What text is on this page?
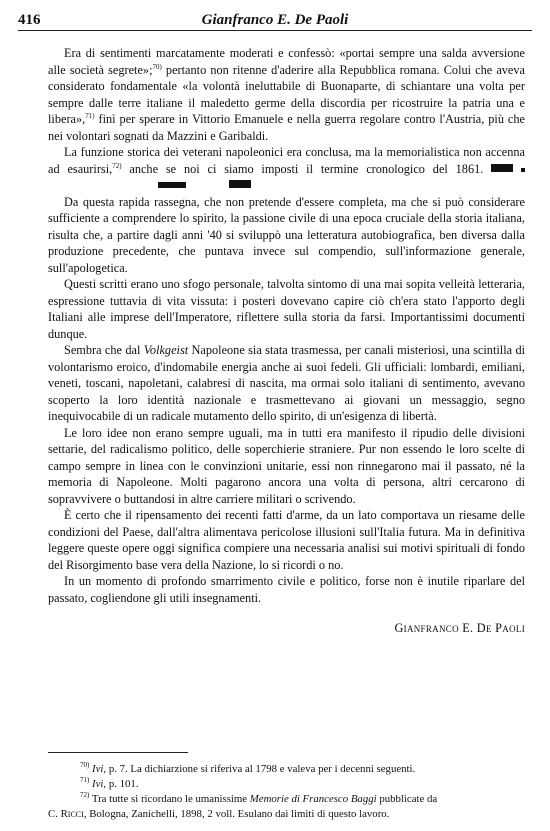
416	Gianfranco E. De Paoli

Era di sentimenti marcatamente moderati e confessò: «portai sempre una salda avversione alle società segrete»;$^{70)}$ pertanto non ritenne d'aderire alla Repubblica romana. Colui che aveva considerato fondamentale «la volontà ineluttabile di Buonaparte, di schiantare una volta per sempre dalle terre italiane il maledetto germe della discordia per ricostruire la patria una e libera»,$^{71)}$ finì per sperare in Vittorio Emanuele e nella guerra regolare contro l'Austria, più che nei volontari sognati da Mazzini e Garibaldi.

La funzione storica dei veterani napoleonici era conclusa, ma la memorialistica non accenna ad esaurirsi,$^{72)}$ anche se noi ci siamo imposti il termine cronologico del 1861.

Da questa rapida rassegna, che non pretende d'essere completa, ma che si può considerare sufficiente a comprendere lo spirito, la passione civile di una epoca cruciale della storia italiana, risulta che, a partire dagli anni '40 si sviluppò una letteratura autobiografica, ben diversa dalla produzione precedente, che puntava invece sul compendio, sull'informazione generale, sull'apologetica.

Questi scritti erano uno sfogo personale, talvolta sintomo di una mai sopita velleità letteraria, espressione tuttavia di vita vissuta: i posteri dovevano capire ciò ch'era stato l'apporto degli Italiani alle imprese dell'Imperatore, riflettere sulla storia da farsi. Importantissimi documenti dunque.

Sembra che dal Volkgeist Napoleone sia stata trasmessa, per canali misteriosi, una scintilla di volontarismo eroico, d'indomabile energia anche ai suoi fedeli. Gli ufficiali: lombardi, emiliani, veneti, toscani, napoletani, calabresi di nascita, ma ormai solo italiani di sentimento, avevano scoperto la loro identità nazionale e trasmettevano ai giovani un messaggio, segno inequivocabile di un radicale mutamento dello spirito, di un'esigenza di libertà.

Le loro idee non erano sempre uguali, ma in tutti era manifesto il ripudio delle divisioni settarie, del radicalismo politico, delle soperchierie straniere. Pur non essendo le loro scelte di campo sempre in linea con le convinzioni unitarie, essi non rinnegarono mai il passato, né la memoria di Napoleone. Molti pagarono ancora una volta di persona, altri cercarono di sopravvivere o buttandosi in altre carriere militari o scrivendo.

È certo che il ripensamento dei recenti fatti d'arme, da un lato comportava un riesame delle condizioni del Paese, dall'altra alimentava pericolose illusioni sull'Italia futura. Ma in definitiva leggere queste opere oggi significa compiere una necessaria analisi sui motivi spirituali di fondo del Risorgimento base vera della Nazione, lo si ricordi o no.

In un momento di profondo smarrimento civile e politico, forse non è inutile riparlare del passato, cogliendone gli utili insegnamenti.

Gianfranco E. De Paoli
$^{70)}$ Ivi, p. 7. La dichiarzione si riferiva al 1798 e valeva per i decenni seguenti.
$^{71)}$ Ivi, p. 101.
$^{72)}$ Tra tutte si ricordano le umanissime Memorie di Francesco Baggi pubblicate da
C. Ricci, Bologna, Zanichelli, 1898, 2 voll. Esulano dai limiti di questo lavoro.
